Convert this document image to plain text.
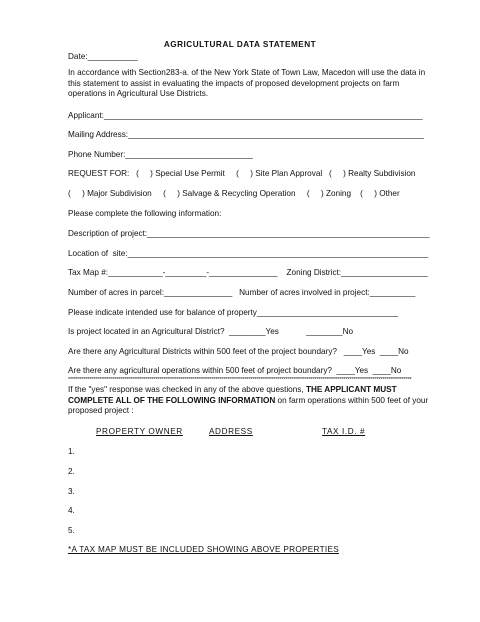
AGRICULTURAL DATA STATEMENT
Date:___________
In accordance with Section283-a. of the New York State of Town Law, Macedon will use the data in this statement to assist in evaluating the impacts of proposed development projects on farm operations in Agricultural Use Districts.
Applicant:______________________________________________________________________
Mailing Address:_________________________________________________________________
Phone Number:____________________________
REQUEST FOR:   (     ) Special Use Permit     (     ) Site Plan Approval   (     ) Realty Subdivision
(     ) Major Subdivision     (     ) Salvage & Recycling Operation     (     ) Zoning    (     ) Other
Please complete the following information:
Description of project:______________________________________________________________
Location of  site:__________________________________________________________________
Tax Map #:____________-_________-_______________    Zoning District:___________________
Number of acres in parcel:_______________   Number of acres involved in project:__________
Please indicate intended use for balance of property_______________________________
Is project located in an Agricultural District?  ________Yes            ________No
Are there any Agricultural Districts within 500 feet of the project boundary?   ____Yes  ____No
Are there any agricultural operations within 500 feet of project boundary?  ____Yes  ____No
*********************************************************************************************************************************************************************************
If the "yes" response was checked in any of the above questions, THE APPLICANT MUST COMPLETE ALL OF THE FOLLOWING INFORMATION on farm operations within 500 feet of your proposed project :
PROPERTY OWNER	ADDRESS	TAX I.D. #
1.
2.
3.
4.
5.
*A TAX MAP MUST BE INCLUDED SHOWING ABOVE PROPERTIES
